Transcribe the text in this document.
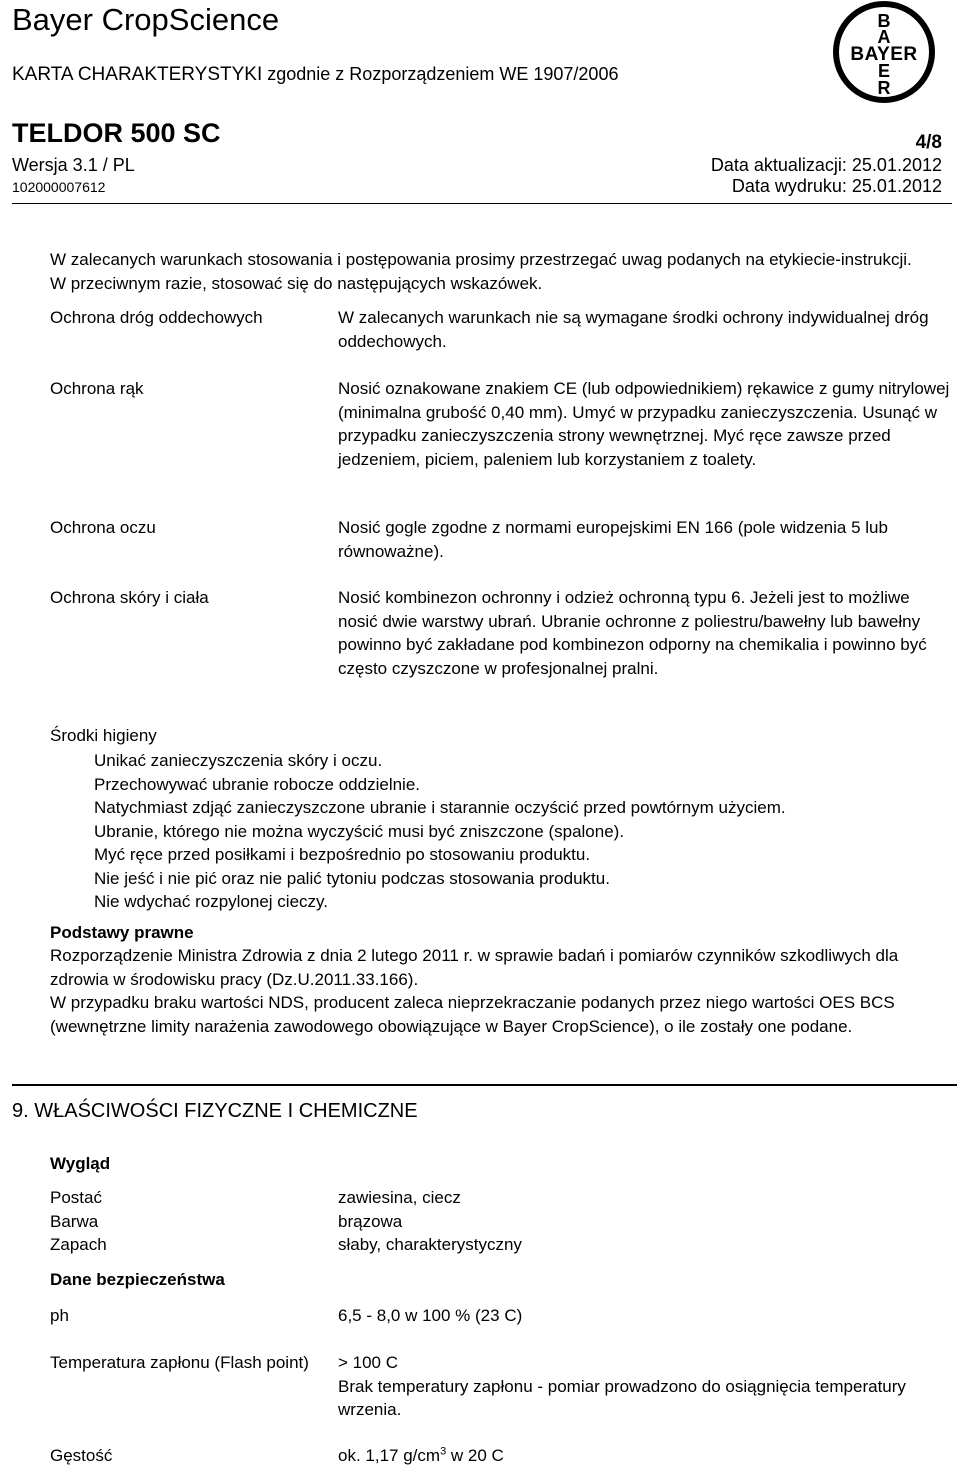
Bayer CropScience
KARTA CHARAKTERYSTYKI zgodnie z Rozporządzeniem WE 1907/2006
TELDOR 500 SC	4/8
Wersja 3.1 / PL	Data aktualizacji: 25.01.2012
102000007612	Data wydruku: 25.01.2012
B
A
BAYER
E
R
W zalecanych warunkach stosowania i postępowania prosimy przestrzegać uwag podanych na etykiecie-instrukcji. W przeciwnym razie, stosować się do następujących wskazówek.
Ochrona dróg oddechowych	W zalecanych warunkach nie są wymagane środki ochrony indywidualnej dróg oddechowych.
Ochrona rąk	Nosić oznakowane znakiem CE (lub odpowiednikiem) rękawice z gumy nitrylowej (minimalna grubość 0,40 mm). Umyć w przypadku zanieczyszczenia. Usunąć w przypadku zanieczyszczenia strony wewnętrznej. Myć ręce zawsze przed jedzeniem, piciem, paleniem lub korzystaniem z toalety.
Ochrona oczu	Nosić gogle zgodne z normami europejskimi EN 166 (pole widzenia 5 lub równoważne).
Ochrona skóry i ciała	Nosić kombinezon ochronny i odzież ochronną typu 6. Jeżeli jest to możliwe nosić dwie warstwy ubrań. Ubranie ochronne z poliestru/bawełny lub bawełny powinno być zakładane pod kombinezon odporny na chemikalia i powinno być często czyszczone w profesjonalnej pralni.
Środki higieny
Unikać zanieczyszczenia skóry i oczu.
Przechowywać ubranie robocze oddzielnie.
Natychmiast zdjąć zanieczyszczone ubranie i starannie oczyścić przed powtórnym użyciem.
Ubranie, którego nie można wyczyścić musi być zniszczone (spalone).
Myć ręce przed posiłkami i bezpośrednio po stosowaniu produktu.
Nie jeść i nie pić oraz nie palić tytoniu podczas stosowania produktu.
Nie wdychać rozpylonej cieczy.
Podstawy prawne
Rozporządzenie Ministra Zdrowia z dnia 2 lutego 2011 r. w sprawie badań i pomiarów czynników szkodliwych dla zdrowia w środowisku pracy (Dz.U.2011.33.166).
W przypadku braku wartości NDS, producent zaleca nieprzekraczanie podanych przez niego wartości OES BCS (wewnętrzne limity narażenia zawodowego obowiązujące w Bayer CropScience), o ile zostały one podane.
9. WŁAŚCIWOŚCI FIZYCZNE I CHEMICZNE
Wygląd
Postać	zawiesina, ciecz
Barwa	brązowa
Zapach	słaby, charakterystyczny
Dane bezpieczeństwa
ph	6,5 - 8,0 w 100 % (23 C)
Temperatura zapłonu (Flash point)	> 100 C
Brak temperatury zapłonu - pomiar prowadzono do osiągnięcia temperatury wrzenia.
Gęstość	ok. 1,17 $g/cm^3$ w 20 C
